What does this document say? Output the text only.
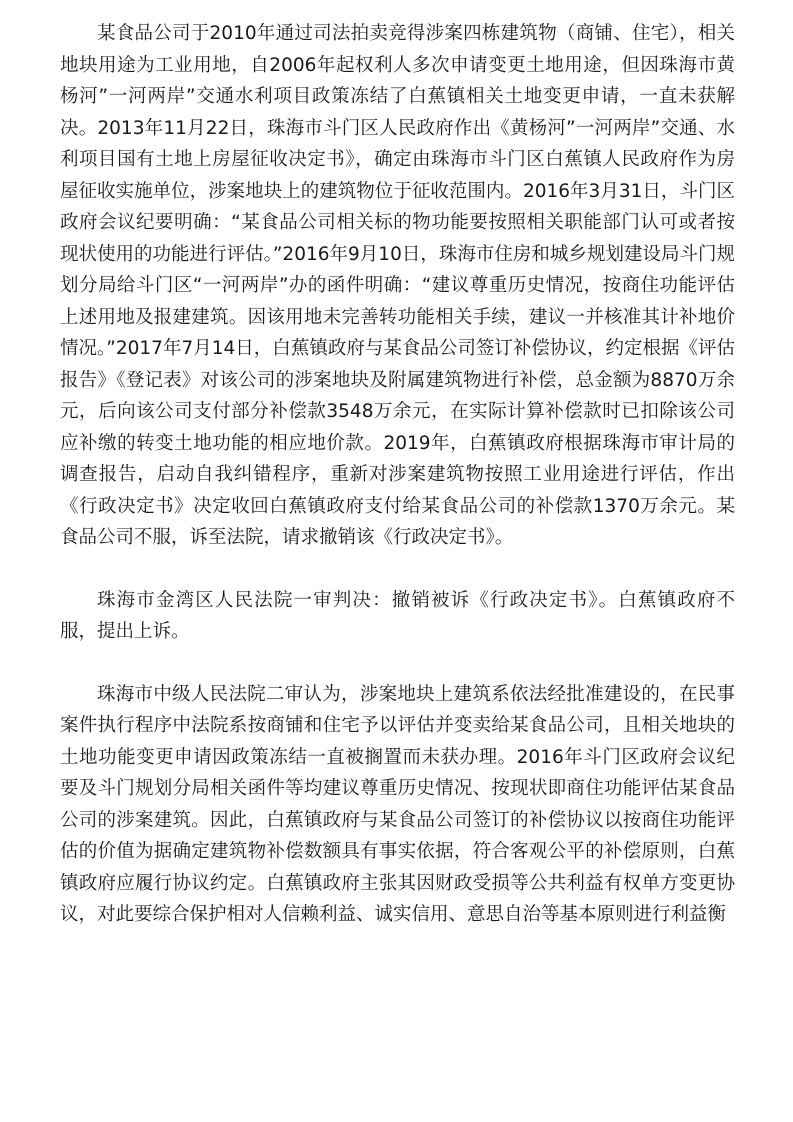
某食品公司于2010年通过司法拍卖竞得涉案四栋建筑物（商铺、住宅），相关地块用途为工业用地，自2006年起权利人多次申请变更土地用途，但因珠海市黄杨河”一河两岸”交通水利项目政策冻结了白蕉镇相关土地变更申请，一直未获解决。2013年11月22日，珠海市斗门区人民政府作出《黄杨河”一河两岸”交通、水利项目国有土地上房屋征收决定书》，确定由珠海市斗门区白蕉镇人民政府作为房屋征收实施单位，涉案地块上的建筑物位于征收范围内。2016年3月31日，斗门区政府会议纪要明确：“某食品公司相关标的物功能要按照相关职能部门认可或者按现状使用的功能进行评估。”2016年9月10日，珠海市住房和城乡规划建设局斗门规划分局给斗门区“一河两岸”办的函件明确：“建议尊重历史情况，按商住功能评估上述用地及报建建筑。因该用地未完善转功能相关手续，建议一并核准其计补地价情况。”2017年7月14日，白蕉镇政府与某食品公司签订补偿协议，约定根据《评估报告》《登记表》对该公司的涉案地块及附属建筑物进行补偿，总金额为8870万余元，后向该公司支付部分补偿款3548万余元，在实际计算补偿款时已扣除该公司应补缴的转变土地功能的相应地价款。2019年，白蕉镇政府根据珠海市审计局的调查报告，启动自我纠错程序，重新对涉案建筑物按照工业用途进行评估，作出《行政决定书》决定收回白蕉镇政府支付给某食品公司的补偿款1370万余元。某食品公司不服，诉至法院，请求撤销该《行政决定书》。

珠海市金湾区人民法院一审判决：撤销被诉《行政决定书》。白蕉镇政府不服，提出上诉。

珠海市中级人民法院二审认为，涉案地块上建筑系依法经批准建设的，在民事案件执行程序中法院系按商铺和住宅予以评估并变卖给某食品公司，且相关地块的土地功能变更申请因政策冻结一直被搁置而未获办理。2016年斗门区政府会议纪要及斗门规划分局相关函件等均建议尊重历史情况、按现状即商住功能评估某食品公司的涉案建筑。因此，白蕉镇政府与某食品公司签订的补偿协议以按商住功能评估的价值为据确定建筑物补偿数额具有事实依据，符合客观公平的补偿原则，白蕉镇政府应履行协议约定。白蕉镇政府主张其因财政受损等公共利益有权单方变更协议，对此要综合保护相对人信赖利益、诚实信用、意思自治等基本原则进行利益衡
